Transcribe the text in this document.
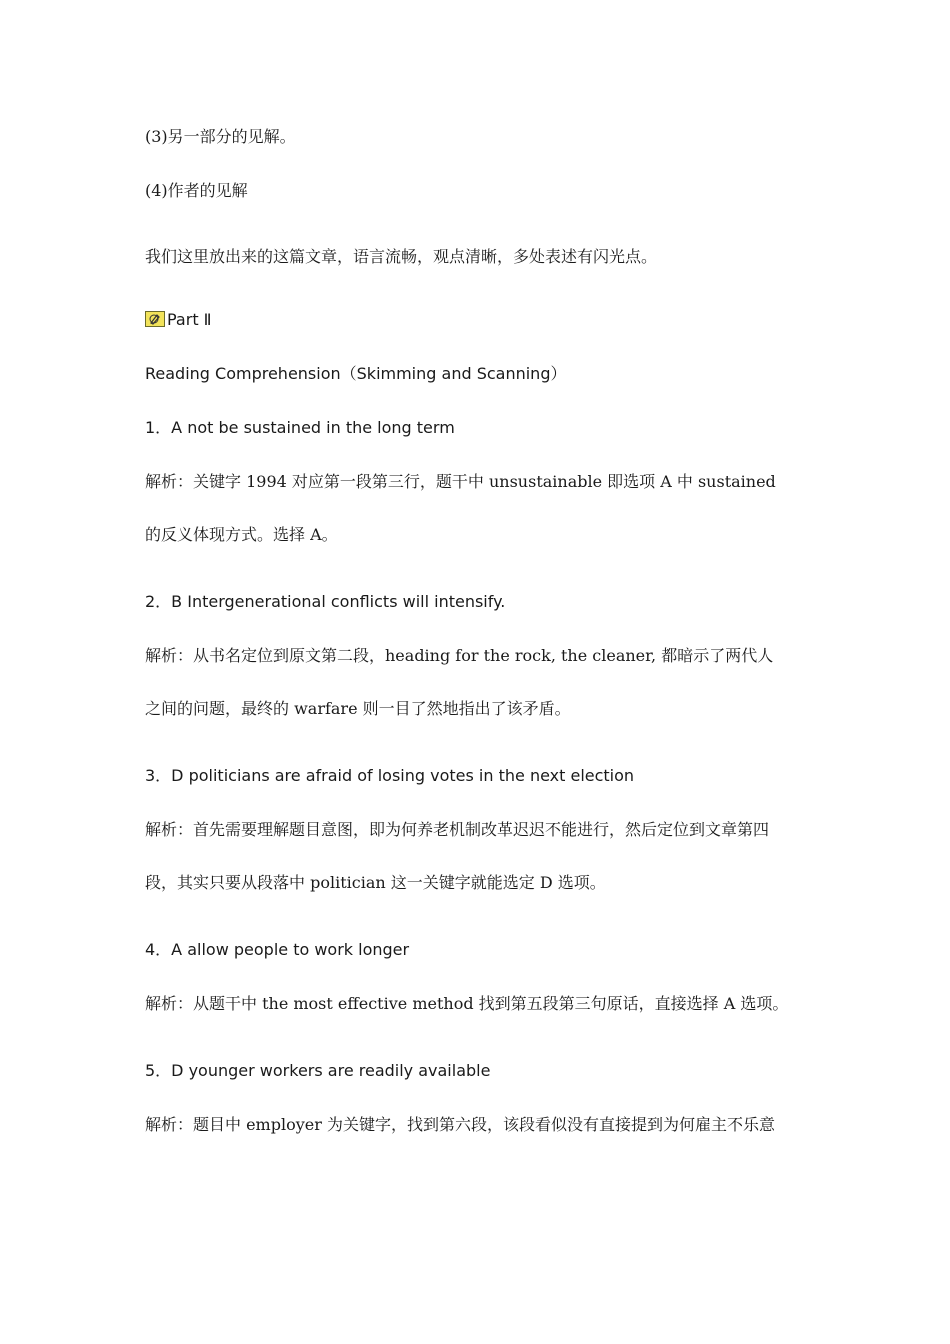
(3)另一部分的见解。
(4)作者的见解
我们这里放出来的这篇文章，语言流畅，观点清晰，多处表述有闪光点。
Part Ⅱ
Reading Comprehension（Skimming and Scanning）
1．A not be sustained in the long term
解析：关键字 1994 对应第一段第三行，题干中 unsustainable 即选项 A 中 sustained
的反义体现方式。选择 A。
2．B Intergenerational conflicts will intensify.
解析：从书名定位到原文第二段，heading for the rock, the cleaner, 都暗示了两代人
之间的问题，最终的 warfare 则一目了然地指出了该矛盾。
3．D politicians are afraid of losing votes in the next election
解析：首先需要理解题目意图，即为何养老机制改革迟迟不能进行，然后定位到文章第四
段，其实只要从段落中 politician 这一关键字就能选定 D 选项。
4．A allow people to work longer
解析：从题干中 the most effective method 找到第五段第三句原话，直接选择 A 选项。
5．D younger workers are readily available
解析：题目中 employer 为关键字，找到第六段，该段看似没有直接提到为何雇主不乐意
